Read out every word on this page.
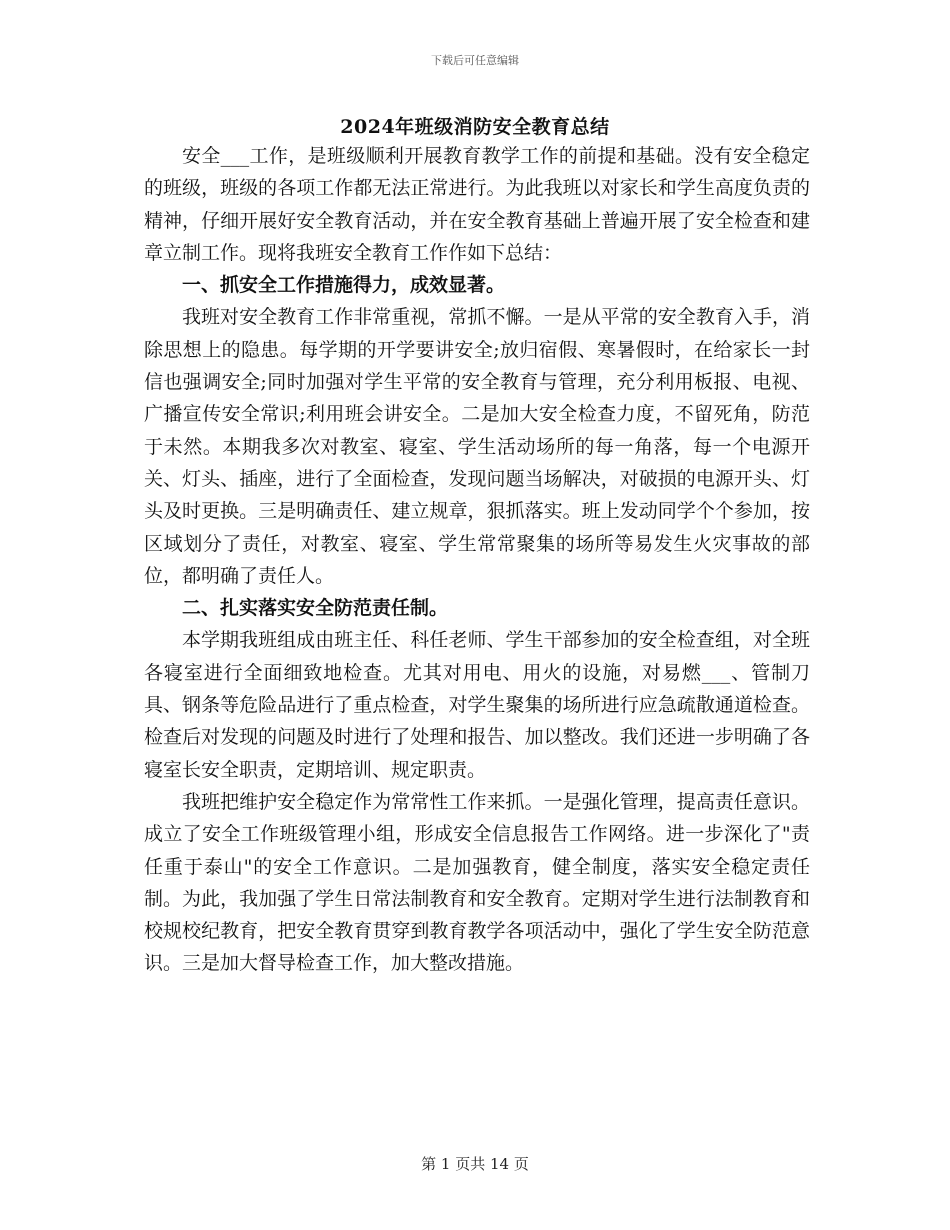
下载后可任意编辑
2024年班级消防安全教育总结

安全___工作，是班级顺利开展教育教学工作的前提和基础。没有安全稳定的班级，班级的各项工作都无法正常进行。为此我班以对家长和学生高度负责的精神，仔细开展好安全教育活动，并在安全教育基础上普遍开展了安全检查和建章立制工作。现将我班安全教育工作作如下总结：

一、抓安全工作措施得力，成效显著。

我班对安全教育工作非常重视，常抓不懈。一是从平常的安全教育入手，消除思想上的隐患。每学期的开学要讲安全;放归宿假、寒暑假时，在给家长一封信也强调安全;同时加强对学生平常的安全教育与管理，充分利用板报、电视、广播宣传安全常识;利用班会讲安全。二是加大安全检查力度，不留死角，防范于未然。本期我多次对教室、寝室、学生活动场所的每一角落，每一个电源开关、灯头、插座，进行了全面检查，发现问题当场解决，对破损的电源开头、灯头及时更换。三是明确责任、建立规章，狠抓落实。班上发动同学个个参加，按区域划分了责任，对教室、寝室、学生常常聚集的场所等易发生火灾事故的部位，都明确了责任人。

二、扎实落实安全防范责任制。

本学期我班组成由班主任、科任老师、学生干部参加的安全检查组，对全班各寝室进行全面细致地检查。尤其对用电、用火的设施，对易燃___、管制刀具、钢条等危险品进行了重点检查，对学生聚集的场所进行应急疏散通道检查。检查后对发现的问题及时进行了处理和报告、加以整改。我们还进一步明确了各寝室长安全职责，定期培训、规定职责。

我班把维护安全稳定作为常常性工作来抓。一是强化管理，提高责任意识。成立了安全工作班级管理小组，形成安全信息报告工作网络。进一步深化了"责任重于泰山"的安全工作意识。二是加强教育，健全制度，落实安全稳定责任制。为此，我加强了学生日常法制教育和安全教育。定期对学生进行法制教育和校规校纪教育，把安全教育贯穿到教育教学各项活动中，强化了学生安全防范意识。三是加大督导检查工作，加大整改措施。

第 1 页共 14 页
